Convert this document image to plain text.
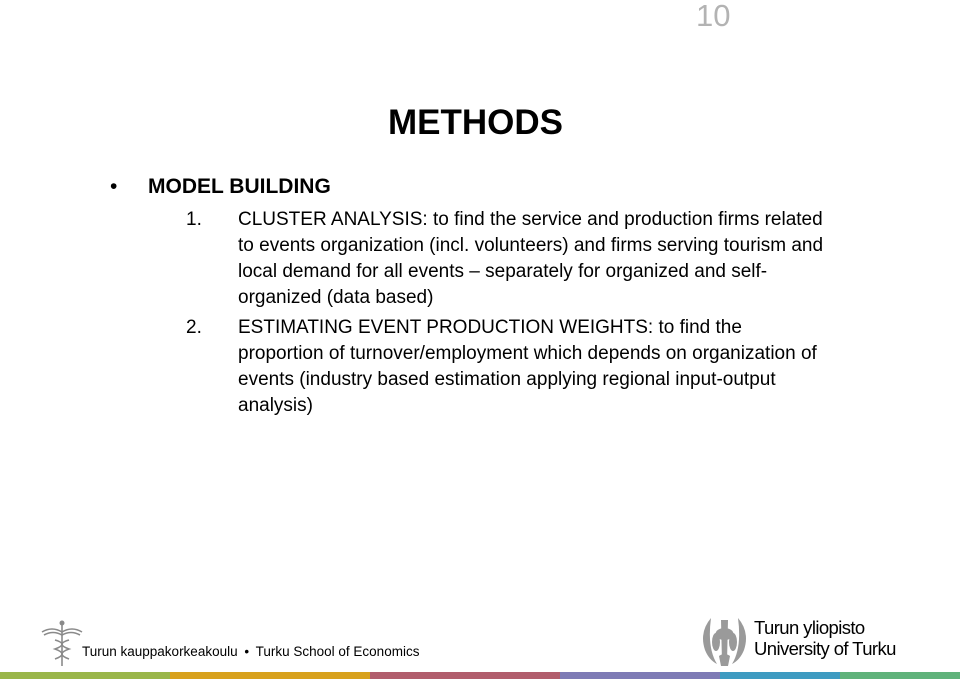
10
METHODS
• MODEL BUILDING
1.	CLUSTER ANALYSIS: to find the service and production firms related to events organization (incl. volunteers) and firms serving tourism and local demand for all events – separately for organized and self-organized (data based)
2.	ESTIMATING EVENT PRODUCTION WEIGHTS: to find the proportion of turnover/employment which depends on organization of events (industry based estimation applying regional input-output analysis)
Turun kauppakorkeakoulu • Turku School of Economics
Turun yliopisto
University of Turku
